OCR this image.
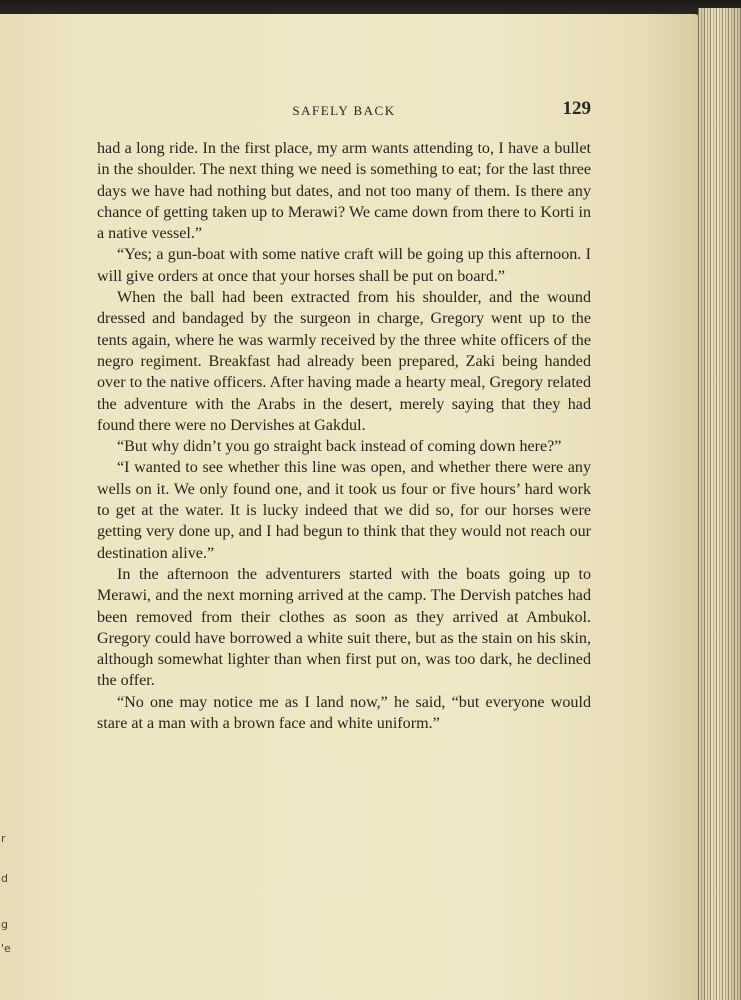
r
d
g
'e
SAFELY BACK	129

had a long ride. In the first place, my arm wants attending to, I have a bullet in the shoulder. The next thing we need is something to eat; for the last three days we have had nothing but dates, and not too many of them. Is there any chance of getting taken up to Merawi? We came down from there to Korti in a native vessel.”

“Yes; a gun-boat with some native craft will be going up this afternoon. I will give orders at once that your horses shall be put on board.”

When the ball had been extracted from his shoulder, and the wound dressed and bandaged by the surgeon in charge, Gregory went up to the tents again, where he was warmly received by the three white officers of the negro regiment. Breakfast had already been prepared, Zaki being handed over to the native officers. After having made a hearty meal, Gregory related the adventure with the Arabs in the desert, merely saying that they had found there were no Dervishes at Gakdul.

“But why didn’t you go straight back instead of coming down here?”

“I wanted to see whether this line was open, and whether there were any wells on it. We only found one, and it took us four or five hours’ hard work to get at the water. It is lucky indeed that we did so, for our horses were getting very done up, and I had begun to think that they would not reach our destination alive.”

In the afternoon the adventurers started with the boats going up to Merawi, and the next morning arrived at the camp. The Dervish patches had been removed from their clothes as soon as they arrived at Ambukol. Gregory could have borrowed a white suit there, but as the stain on his skin, although somewhat lighter than when first put on, was too dark, he declined the offer.

“No one may notice me as I land now,” he said, “but everyone would stare at a man with a brown face and white uniform.”
